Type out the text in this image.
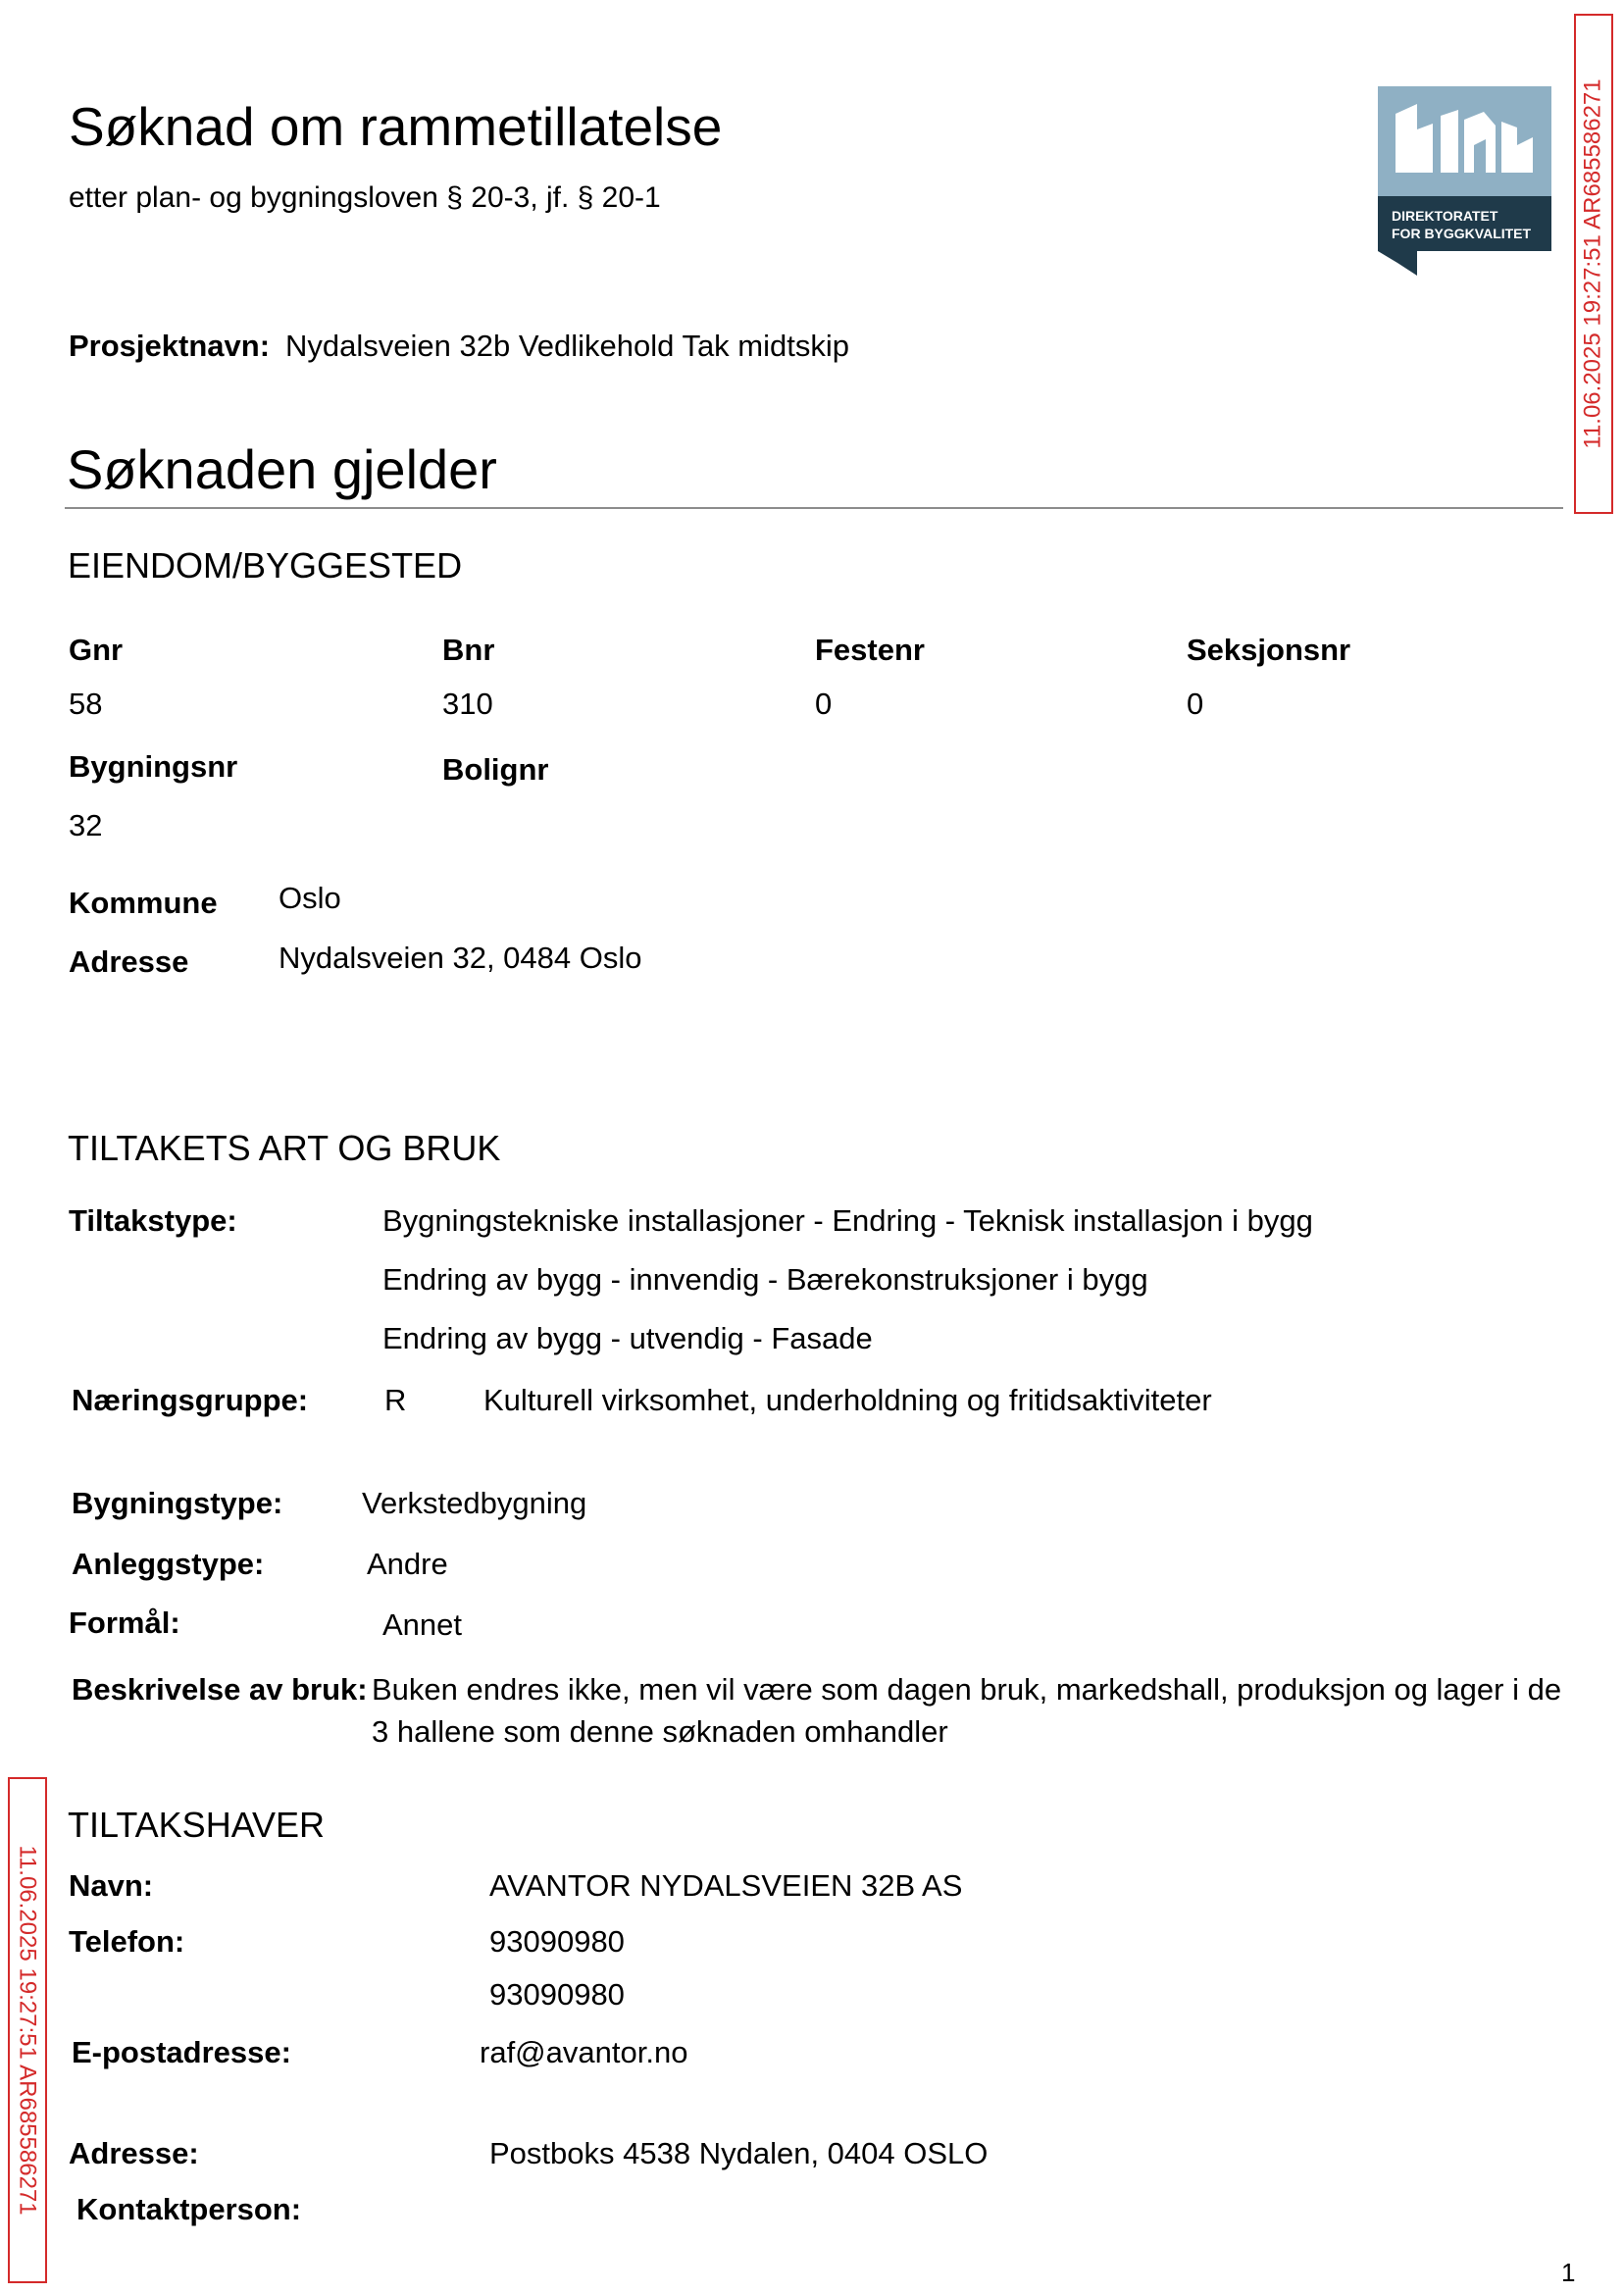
Søknad om rammetillatelse
etter plan- og bygningsloven § 20-3, jf. § 20-1
DIREKTORATET
FOR BYGGKVALITET
Prosjektnavn: Nydalsveien 32b Vedlikehold Tak midtskip
Søknaden gjelder
EIENDOM/BYGGESTED
Gnr	Bnr	Festenr	Seksjonsnr
58	310	0	0
Bygningsnr	Bolignr
32
Kommune Oslo
Adresse	Nydalsveien 32, 0484 Oslo
TILTAKETS ART OG BRUK
Tiltakstype:	Bygningstekniske installasjoner - Endring - Teknisk installasjon i bygg
Endring av bygg - innvendig - Bærekonstruksjoner i bygg
Endring av bygg - utvendig - Fasade
Næringsgruppe:	R	Kulturell virksomhet, underholdning og fritidsaktiviteter
Bygningstype:	Verkstedbygning
Anleggstype:	Andre
Formål:	Annet
Beskrivelse av bruk: Buken endres ikke, men vil være som dagen bruk, markedshall, produksjon og lager i de
3 hallene som denne søknaden omhandler
TILTAKSHAVER
Navn:	AVANTOR NYDALSVEIEN 32B AS
Telefon:	93090980
93090980
E-postadresse:	raf@avantor.no
Adresse:	Postboks 4538 Nydalen, 0404 OSLO
Kontaktperson:
11.06.2025 19:27:51 AR685586271
11.06.2025 19:27:51 AR685586271
1
